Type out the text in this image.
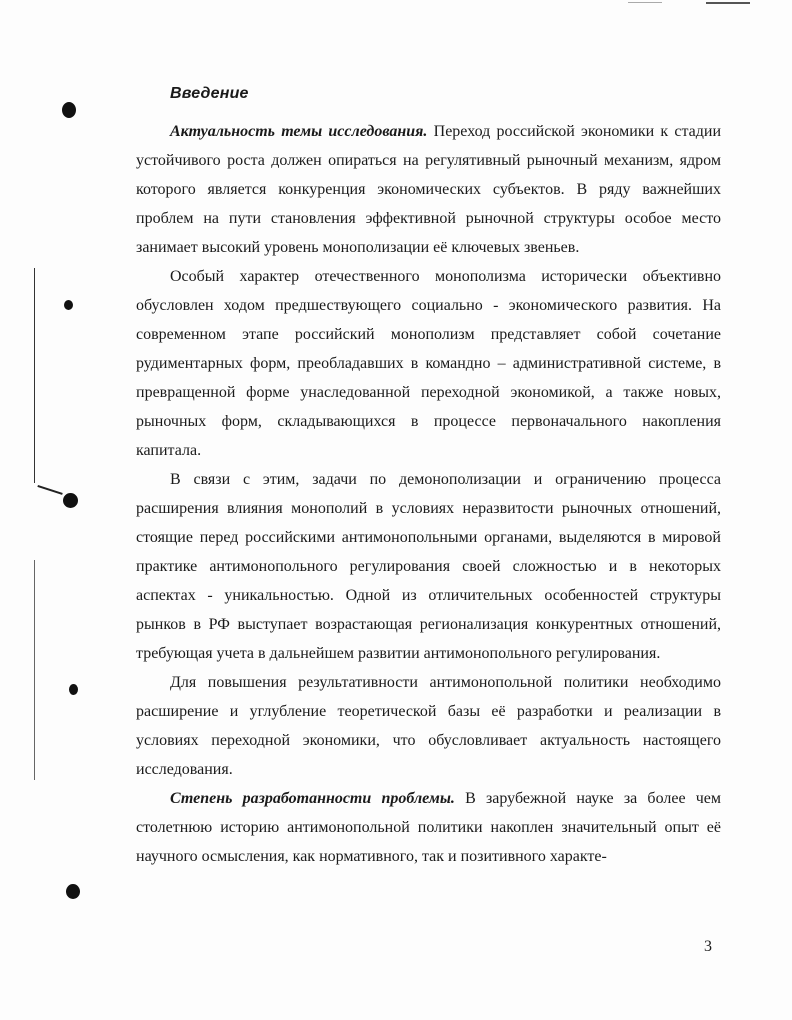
Введение

Актуальность темы исследования. Переход российской экономики к стадии устойчивого роста должен опираться на регулятивный рыночный механизм, ядром которого является конкуренция экономических субъектов. В ряду важнейших проблем на пути становления эффективной рыночной структуры особое место занимает высокий уровень монополизации её ключевых звеньев.

Особый характер отечественного монополизма исторически объективно обусловлен ходом предшествующего социально - экономического развития. На современном этапе российский монополизм представляет собой сочетание рудиментарных форм, преобладавших в командно – административной системе, в превращенной форме унаследованной переходной экономикой, а также новых, рыночных форм, складывающихся в процессе первоначального накопления капитала.

В связи с этим, задачи по демонополизации и ограничению процесса расширения влияния монополий в условиях неразвитости рыночных отношений, стоящие перед российскими антимонопольными органами, выделяются в мировой практике антимонопольного регулирования своей сложностью и в некоторых аспектах - уникальностью. Одной из отличительных особенностей структуры рынков в РФ выступает возрастающая регионализация конкурентных отношений, требующая учета в дальнейшем развитии антимонопольного регулирования.

Для повышения результативности антимонопольной политики необходимо расширение и углубление теоретической базы её разработки и реализации в условиях переходной экономики, что обусловливает актуальность настоящего исследования.

Степень разработанности проблемы. В зарубежной науке за более чем столетнюю историю антимонопольной политики накоплен значительный опыт её научного осмысления, как нормативного, так и позитивного характе-

3
